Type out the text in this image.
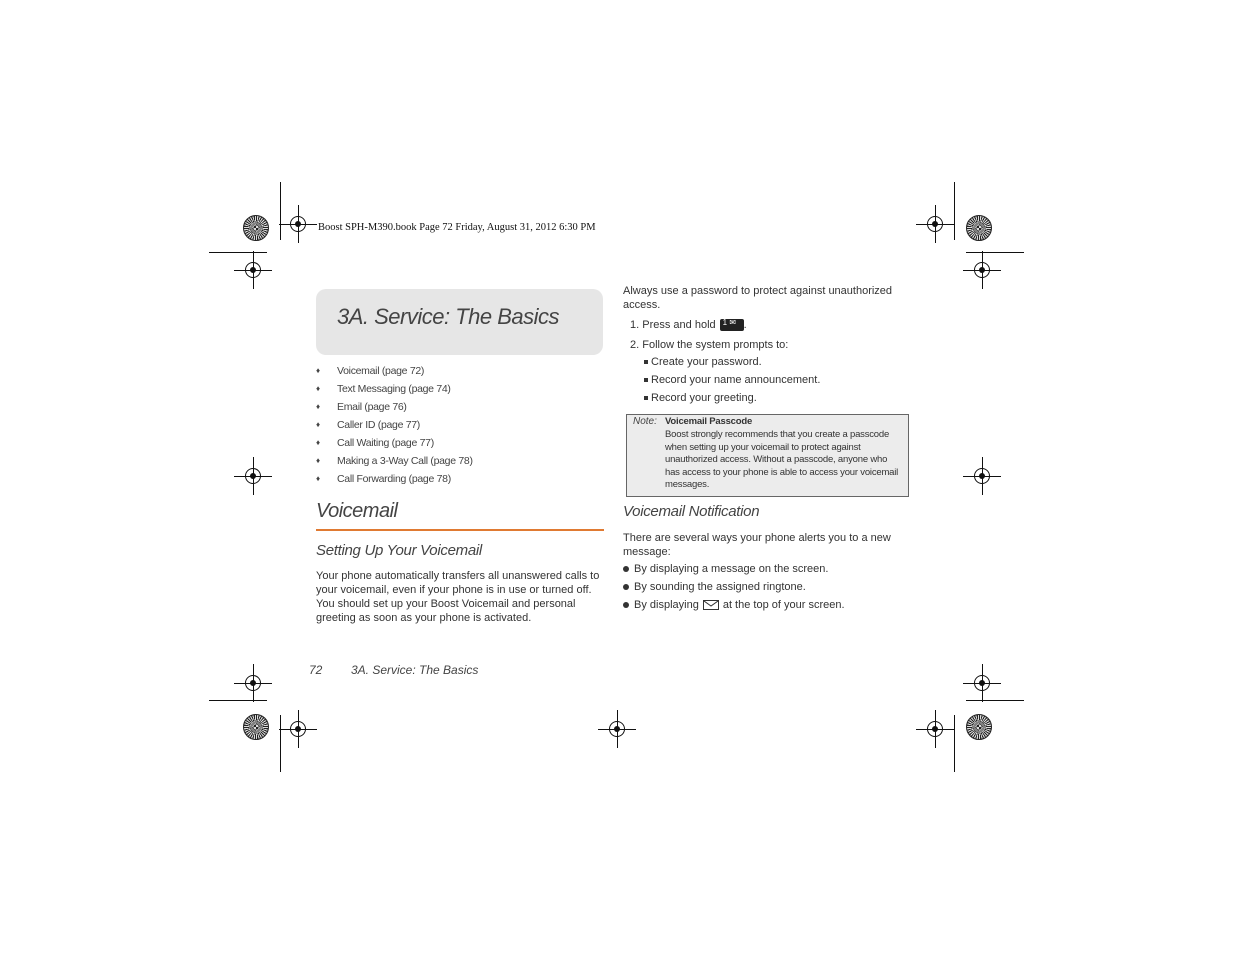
Boost SPH-M390.book Page 72 Friday, August 31, 2012 6:30 PM
3A. Service: The Basics
♦ Voicemail (page 72)
♦ Text Messaging (page 74)
♦ Email (page 76)
♦ Caller ID (page 77)
♦ Call Waiting (page 77)
♦ Making a 3-Way Call (page 78)
♦ Call Forwarding (page 78)
Voicemail
Setting Up Your Voicemail
Your phone automatically transfers all unanswered calls to your voicemail, even if your phone is in use or turned off. You should set up your Boost Voicemail and personal greeting as soon as your phone is activated.
Always use a password to protect against unauthorized access.
1. Press and hold1 ✉	.
2. Follow the system prompts to:
Create your password.
Record your name announcement.
Record your greeting.
Note: Voicemail Passcode
Boost strongly recommends that you create a passcode when setting up your voicemail to protect against unauthorized access. Without a passcode, anyone who has access to your phone is able to access your voicemail messages.
Voicemail Notification
There are several ways your phone alerts you to a new message:
By displaying a message on the screen.
By sounding the assigned ringtone.
By displaying at the top of your screen.
72 3A. Service: The Basics
